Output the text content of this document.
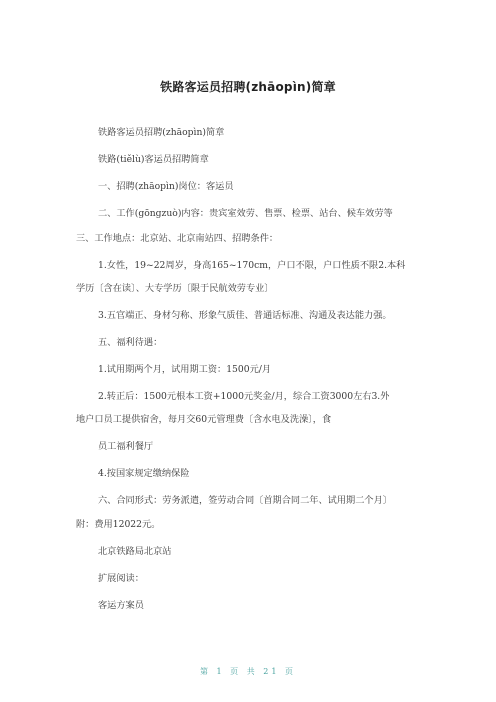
铁路客运员招聘(zhāopìn)简章
铁路客运员招聘(zhāopìn)简章
铁路(tiělù)客运员招聘简章
一、招聘(zhāopìn)岗位：客运员
二、工作(gōngzuò)内容：贵宾室效劳、售票、检票、站台、候车效劳等
三、工作地点：北京站、北京南站四、招聘条件：
1.女性，19~22周岁，身高165~170cm，户口不限，户口性质不限2.本科
学历〔含在读〕、大专学历〔限于民航效劳专业〕
3.五官端正、身材匀称、形象气质佳、普通话标准、沟通及表达能力强。
五、福利待遇：
1.试用期两个月，试用期工资：1500元/月
2.转正后：1500元根本工资+1000元奖金/月，综合工资3000左右3.外
地户口员工提供宿舍，每月交60元管理费〔含水电及洗澡〕，食
员工福利餐厅
4.按国家规定缴纳保险
六、合同形式：劳务派遣，签劳动合同〔首期合同二年、试用期二个月〕
附：费用12022元。
北京铁路局北京站
扩展阅读：
客运方案员
第 1 页 共 21 页
